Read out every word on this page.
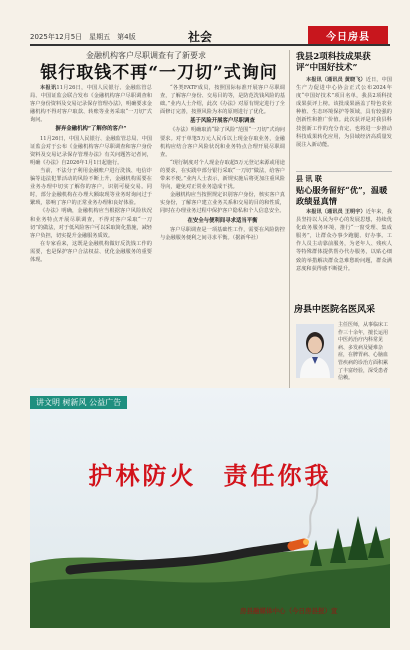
2025年12月5日　星期五　第4版	社会	今日房县
金融机构客户尽职调查有了新要求
银行取钱不再“一刀切”式询问

本报讯11月26日，中国人民银行、金融监管总局、中国证监会联合发布《金融机构客户尽职调查和客户身份资料及交易记录保存管理办法》，明确要求金融机构不得对客户取款、转账等业务采取“一刀切”式询问。

摒弃金融机构“了解你的客户”

11月26日，中国人民银行、金融监管总局、中国证监会对于公布《金融机构客户尽职调查和客户身份资料及交易记录保存管理办法》有关问题答记者问，明确《办法》自2026年1月1日起施行。

当前，不法分子利用金融账户进行洗钱、电信诈骗等违法犯罪活动的风险不断上升，金融机构需要在业务办理中切实了解你的客户，识别可疑交易。同时，部分金融机构在办理大额取现等业务时询问过于繁琐，影响了客户的正常业务办理和良好体验。

《办法》明确，金融机构应当根据客户风险状况和业务特点开展尽职调查，不得对客户采取“一刀切”的做法，对于低风险客户可以采取简化措施，减轻客户负担，切实提升金融服务质效。

在专家看来，这既是金融机构做好反洗钱工作的需要，也是保护客户合法权益、优化金融服务的重要体现。

“各类FATF成员，按照国际标准开展客户尽职调查，了解客户身份、交易目的等，是防范洗钱风险的基础。”业内人士介绍，此次《办法》对原有规定进行了全面修订完善，按照风险为本的原则进行了优化。

基于风险开展客户尽职调查

《办法》明确取消“除了风险”范围“一刀切”式询问要求。对于单笔5万元人民币以上现金存取业务，金融机构应结合客户风险状况和业务特点合理开展尽职调查。

“现行制度对个人现金存取超5万元登记来源或用途的要求，在实践中部分银行采取“一刀切”做法，给客户带来不便。”业内人士表示，新规实施后将更加注重风险导向，避免对正常业务造成干扰。

金融机构应当按照规定识别客户身份，核实客户真实身份，了解客户建立业务关系和交易的目的和性质，同时在办理业务过程中保护客户隐私和个人信息安全。

在安全与便利间寻求适当平衡

客户尽职调查是一项基础性工作，需要在风险防控与金融服务便利之间寻求平衡。（据新华社）

我县2项科技成果获评“中国好技术”

本报讯（通讯员 黄晓飞）近日，中国生产力促进中心协会正式公布2024年度“中国好技术”项目名单，我县2项科技成果获评上榜。该批成果涵盖了特色农业种植、生态环境保护等领域，具有较强的创新性和推广价值。此次获评是对我县科技创新工作的充分肯定，也将进一步推动科技成果转化应用，为县域经济高质量发展注入新动能。

县 讯 联
贴心服务留好“优”，温暖政绩显真情

本报讯（通讯员 王明宇）近年来，我县坚持以人民为中心的发展思想，持续优化政务服务环境，推行“一窗受理、集成服务”，让群众办事少跑腿、好办事。工作人员主动靠前服务，为老年人、残疾人等特殊群体提供帮办代办服务，以贴心细致的举措解决群众急难愁盼问题，群众满意度和获得感不断提升。

房县中医院名医风采
主任医师，从事临床工作三十余年，擅长运用中医药治疗内科常见病、多发病及疑难杂症，在脾胃病、心脑血管疾病的诊治方面积累了丰富经验，深受患者信赖。
讲文明 树新风 公益广告
护林防火　责任你我
房县融媒体中心（今日房县报）宣
